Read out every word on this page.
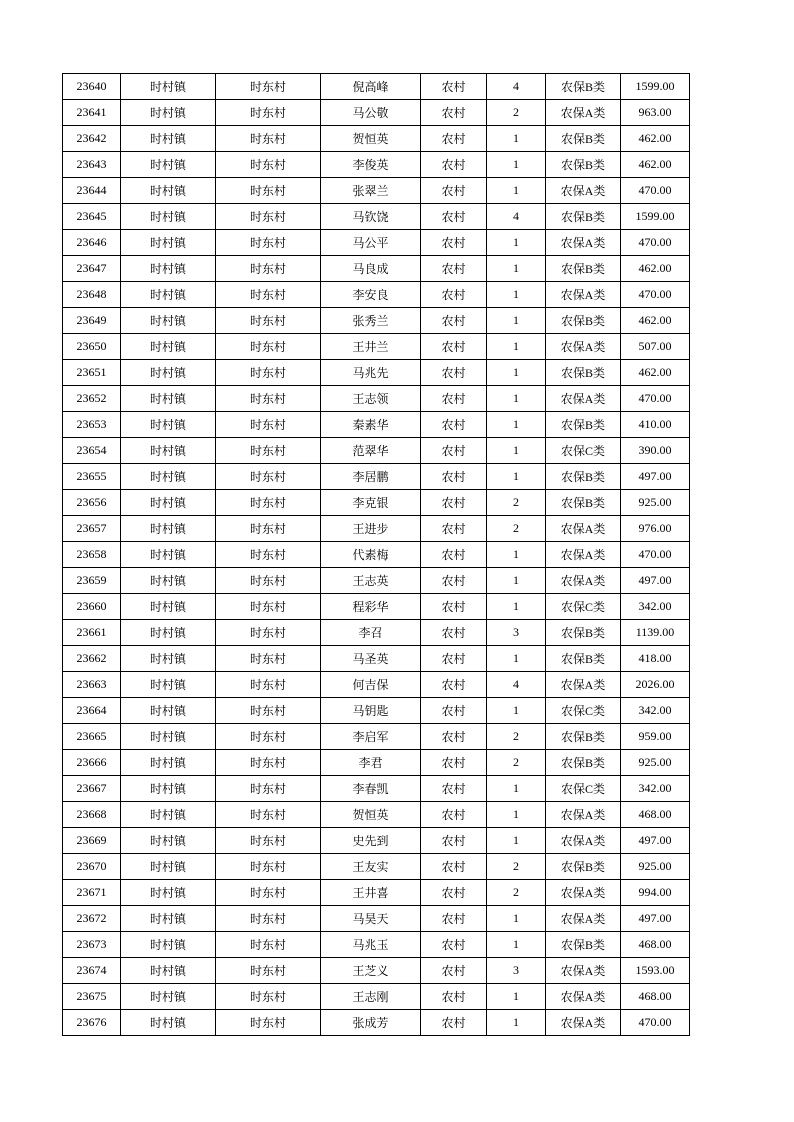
23640	时村镇	时东村	倪高峰	农村	4	农保B类	1599.00
23641	时村镇	时东村	马公敬	农村	2	农保A类	963.00
23642	时村镇	时东村	贺恒英	农村	1	农保B类	462.00
23643	时村镇	时东村	李俊英	农村	1	农保B类	462.00
23644	时村镇	时东村	张翠兰	农村	1	农保A类	470.00
23645	时村镇	时东村	马钦饶	农村	4	农保B类	1599.00
23646	时村镇	时东村	马公平	农村	1	农保A类	470.00
23647	时村镇	时东村	马良成	农村	1	农保B类	462.00
23648	时村镇	时东村	李安良	农村	1	农保A类	470.00
23649	时村镇	时东村	张秀兰	农村	1	农保B类	462.00
23650	时村镇	时东村	王井兰	农村	1	农保A类	507.00
23651	时村镇	时东村	马兆先	农村	1	农保B类	462.00
23652	时村镇	时东村	王志领	农村	1	农保A类	470.00
23653	时村镇	时东村	秦素华	农村	1	农保B类	410.00
23654	时村镇	时东村	范翠华	农村	1	农保C类	390.00
23655	时村镇	时东村	李居鹏	农村	1	农保B类	497.00
23656	时村镇	时东村	李克银	农村	2	农保B类	925.00
23657	时村镇	时东村	王进步	农村	2	农保A类	976.00
23658	时村镇	时东村	代素梅	农村	1	农保A类	470.00
23659	时村镇	时东村	王志英	农村	1	农保A类	497.00
23660	时村镇	时东村	程彩华	农村	1	农保C类	342.00
23661	时村镇	时东村	李召	农村	3	农保B类	1139.00
23662	时村镇	时东村	马圣英	农村	1	农保B类	418.00
23663	时村镇	时东村	何吉保	农村	4	农保A类	2026.00
23664	时村镇	时东村	马钥匙	农村	1	农保C类	342.00
23665	时村镇	时东村	李启军	农村	2	农保B类	959.00
23666	时村镇	时东村	李君	农村	2	农保B类	925.00
23667	时村镇	时东村	李春凯	农村	1	农保C类	342.00
23668	时村镇	时东村	贺恒英	农村	1	农保A类	468.00
23669	时村镇	时东村	史先到	农村	1	农保A类	497.00
23670	时村镇	时东村	王友实	农村	2	农保B类	925.00
23671	时村镇	时东村	王井喜	农村	2	农保A类	994.00
23672	时村镇	时东村	马昊天	农村	1	农保A类	497.00
23673	时村镇	时东村	马兆玉	农村	1	农保B类	468.00
23674	时村镇	时东村	王芝义	农村	3	农保A类	1593.00
23675	时村镇	时东村	王志刚	农村	1	农保A类	468.00
23676	时村镇	时东村	张成芳	农村	1	农保A类	470.00
